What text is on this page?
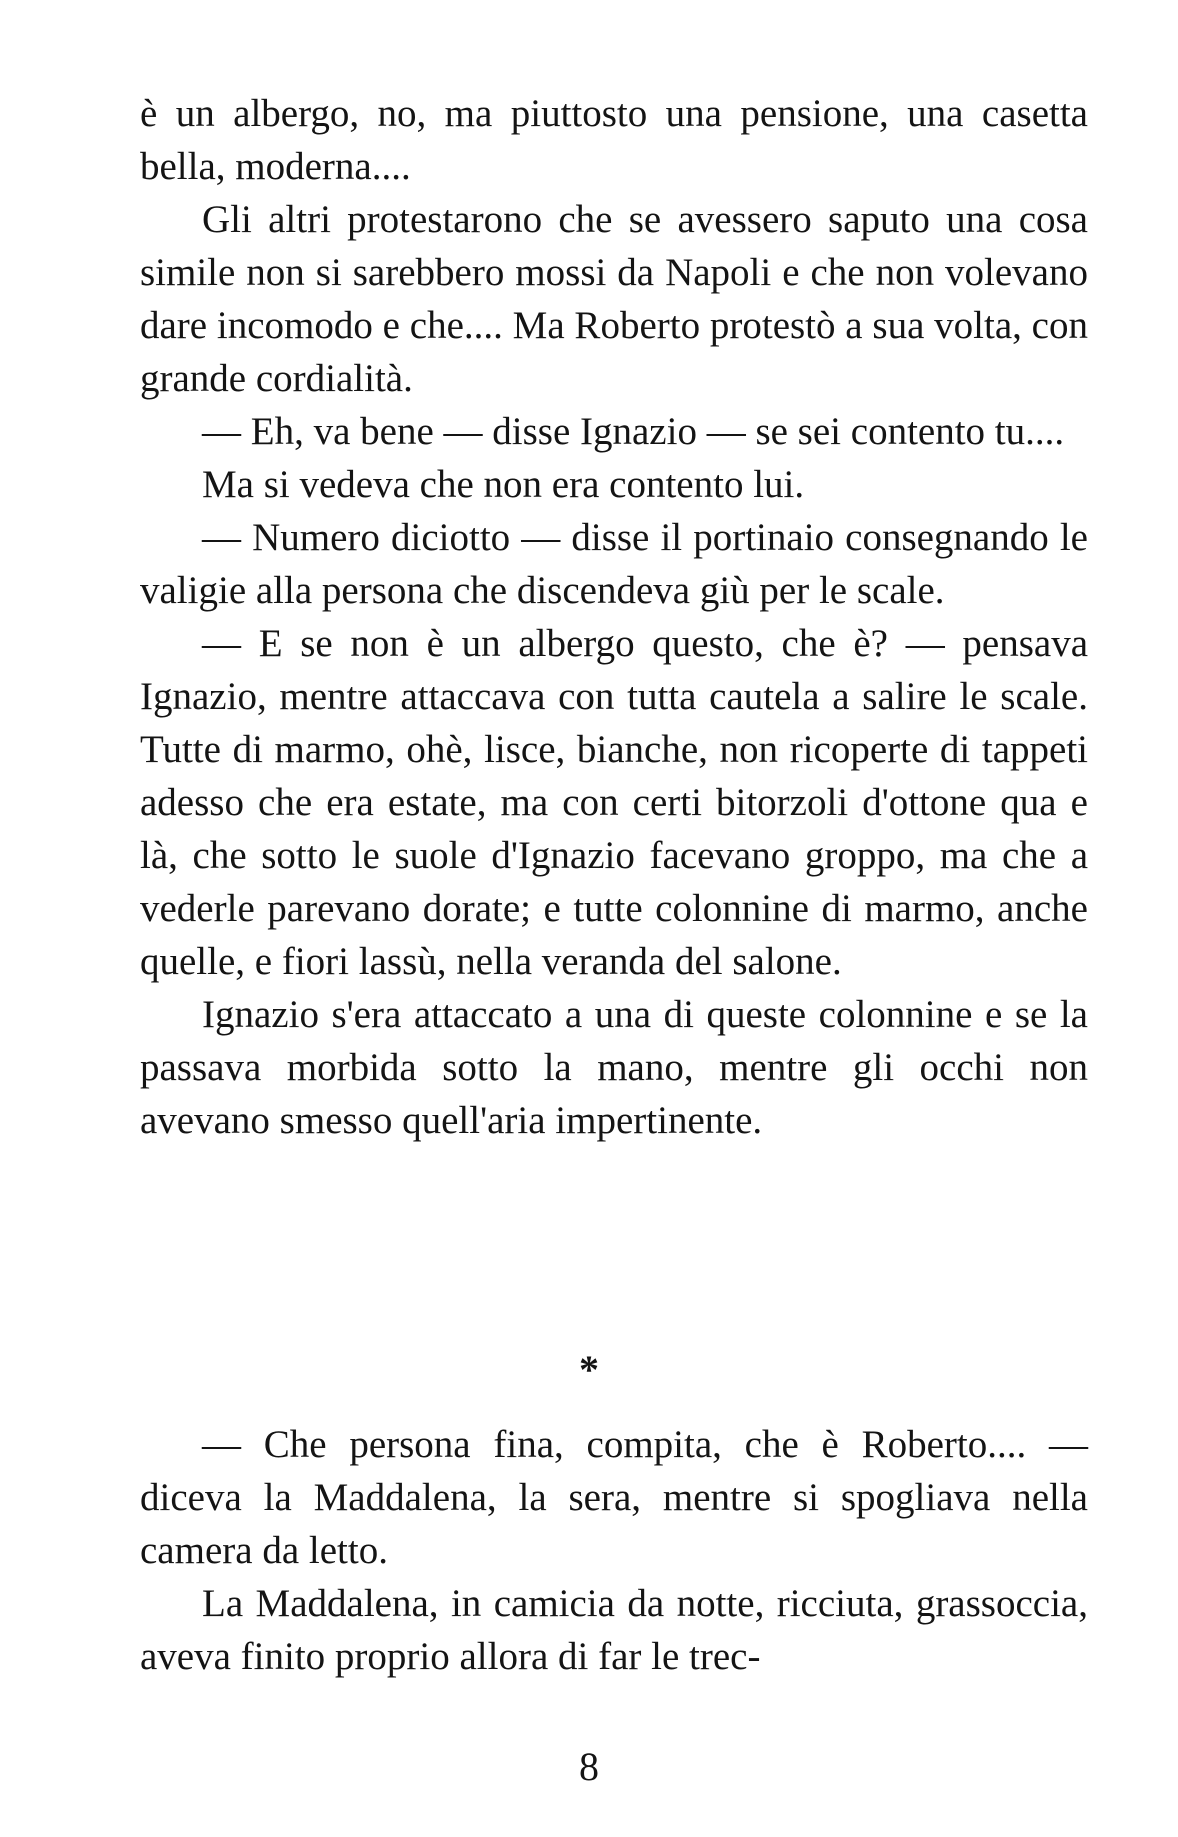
è un albergo, no, ma piuttosto una pensione, una casetta bella, moderna....

Gli altri protestarono che se avessero saputo una cosa simile non si sarebbero mossi da Napoli e che non volevano dare incomodo e che.... Ma Roberto protestò a sua volta, con grande cordialità.

— Eh, va bene — disse Ignazio — se sei contento tu....

Ma si vedeva che non era contento lui.

— Numero diciotto — disse il portinaio consegnando le valigie alla persona che discendeva giù per le scale.

— E se non è un albergo questo, che è? — pensava Ignazio, mentre attaccava con tutta cautela a salire le scale. Tutte di marmo, ohè, lisce, bianche, non ricoperte di tappeti adesso che era estate, ma con certi bitorzoli d'ottone qua e là, che sotto le suole d'Ignazio facevano groppo, ma che a vederle parevano dorate; e tutte colonnine di marmo, anche quelle, e fiori lassù, nella veranda del salone.

Ignazio s'era attaccato a una di queste colonnine e se la passava morbida sotto la mano, mentre gli occhi non avevano smesso quell'aria impertinente.

*

— Che persona fina, compita, che è Roberto.... — diceva la Maddalena, la sera, mentre si spogliava nella camera da letto.

La Maddalena, in camicia da notte, ricciuta, grassoccia, aveva finito proprio allora di far le trec-

8
